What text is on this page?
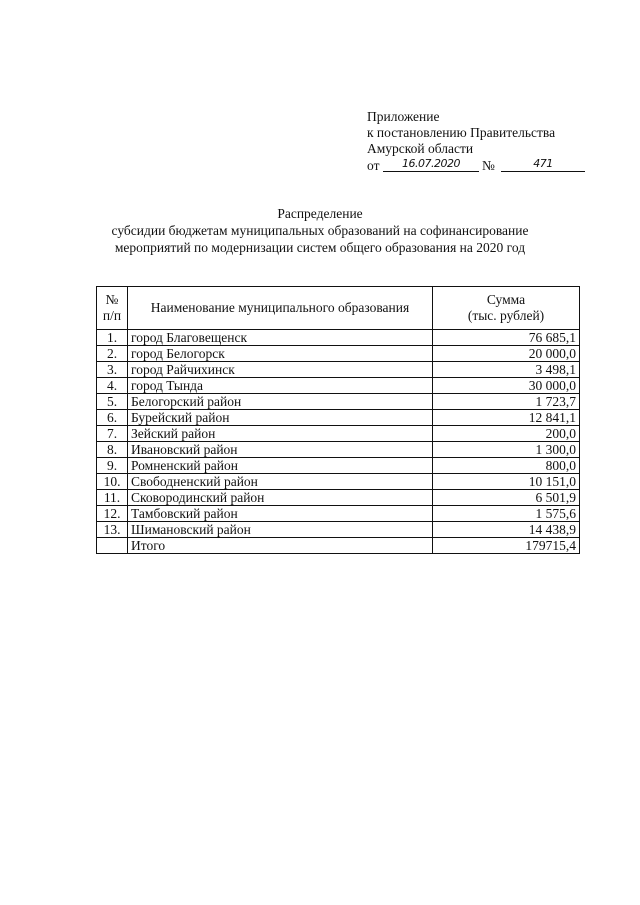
Приложение
к постановлению Правительства
Амурской области
от	16.07.2020	№	471
Распределение
субсидии бюджетам муниципальных образований на софинансирование
мероприятий по модернизации систем общего образования на 2020 год
№ п/п	Наименование муниципального образования	Сумма
(тыс. рублей)

1.	город Благовещенск	76 685,1
2.	город Белогорск	20 000,0
3.	город Райчихинск	3 498,1
4.	город Тында	30 000,0
5.	Белогорский район	1 723,7
6.	Бурейский район	12 841,1
7.	Зейский район	200,0
8.	Ивановский район	1 300,0
9.	Ромненский район	800,0
10.	Свободненский район	10 151,0
11.	Сковородинский район	6 501,9
12.	Тамбовский район	1 575,6
13.	Шимановский район	14 438,9
	Итого	179715,4
